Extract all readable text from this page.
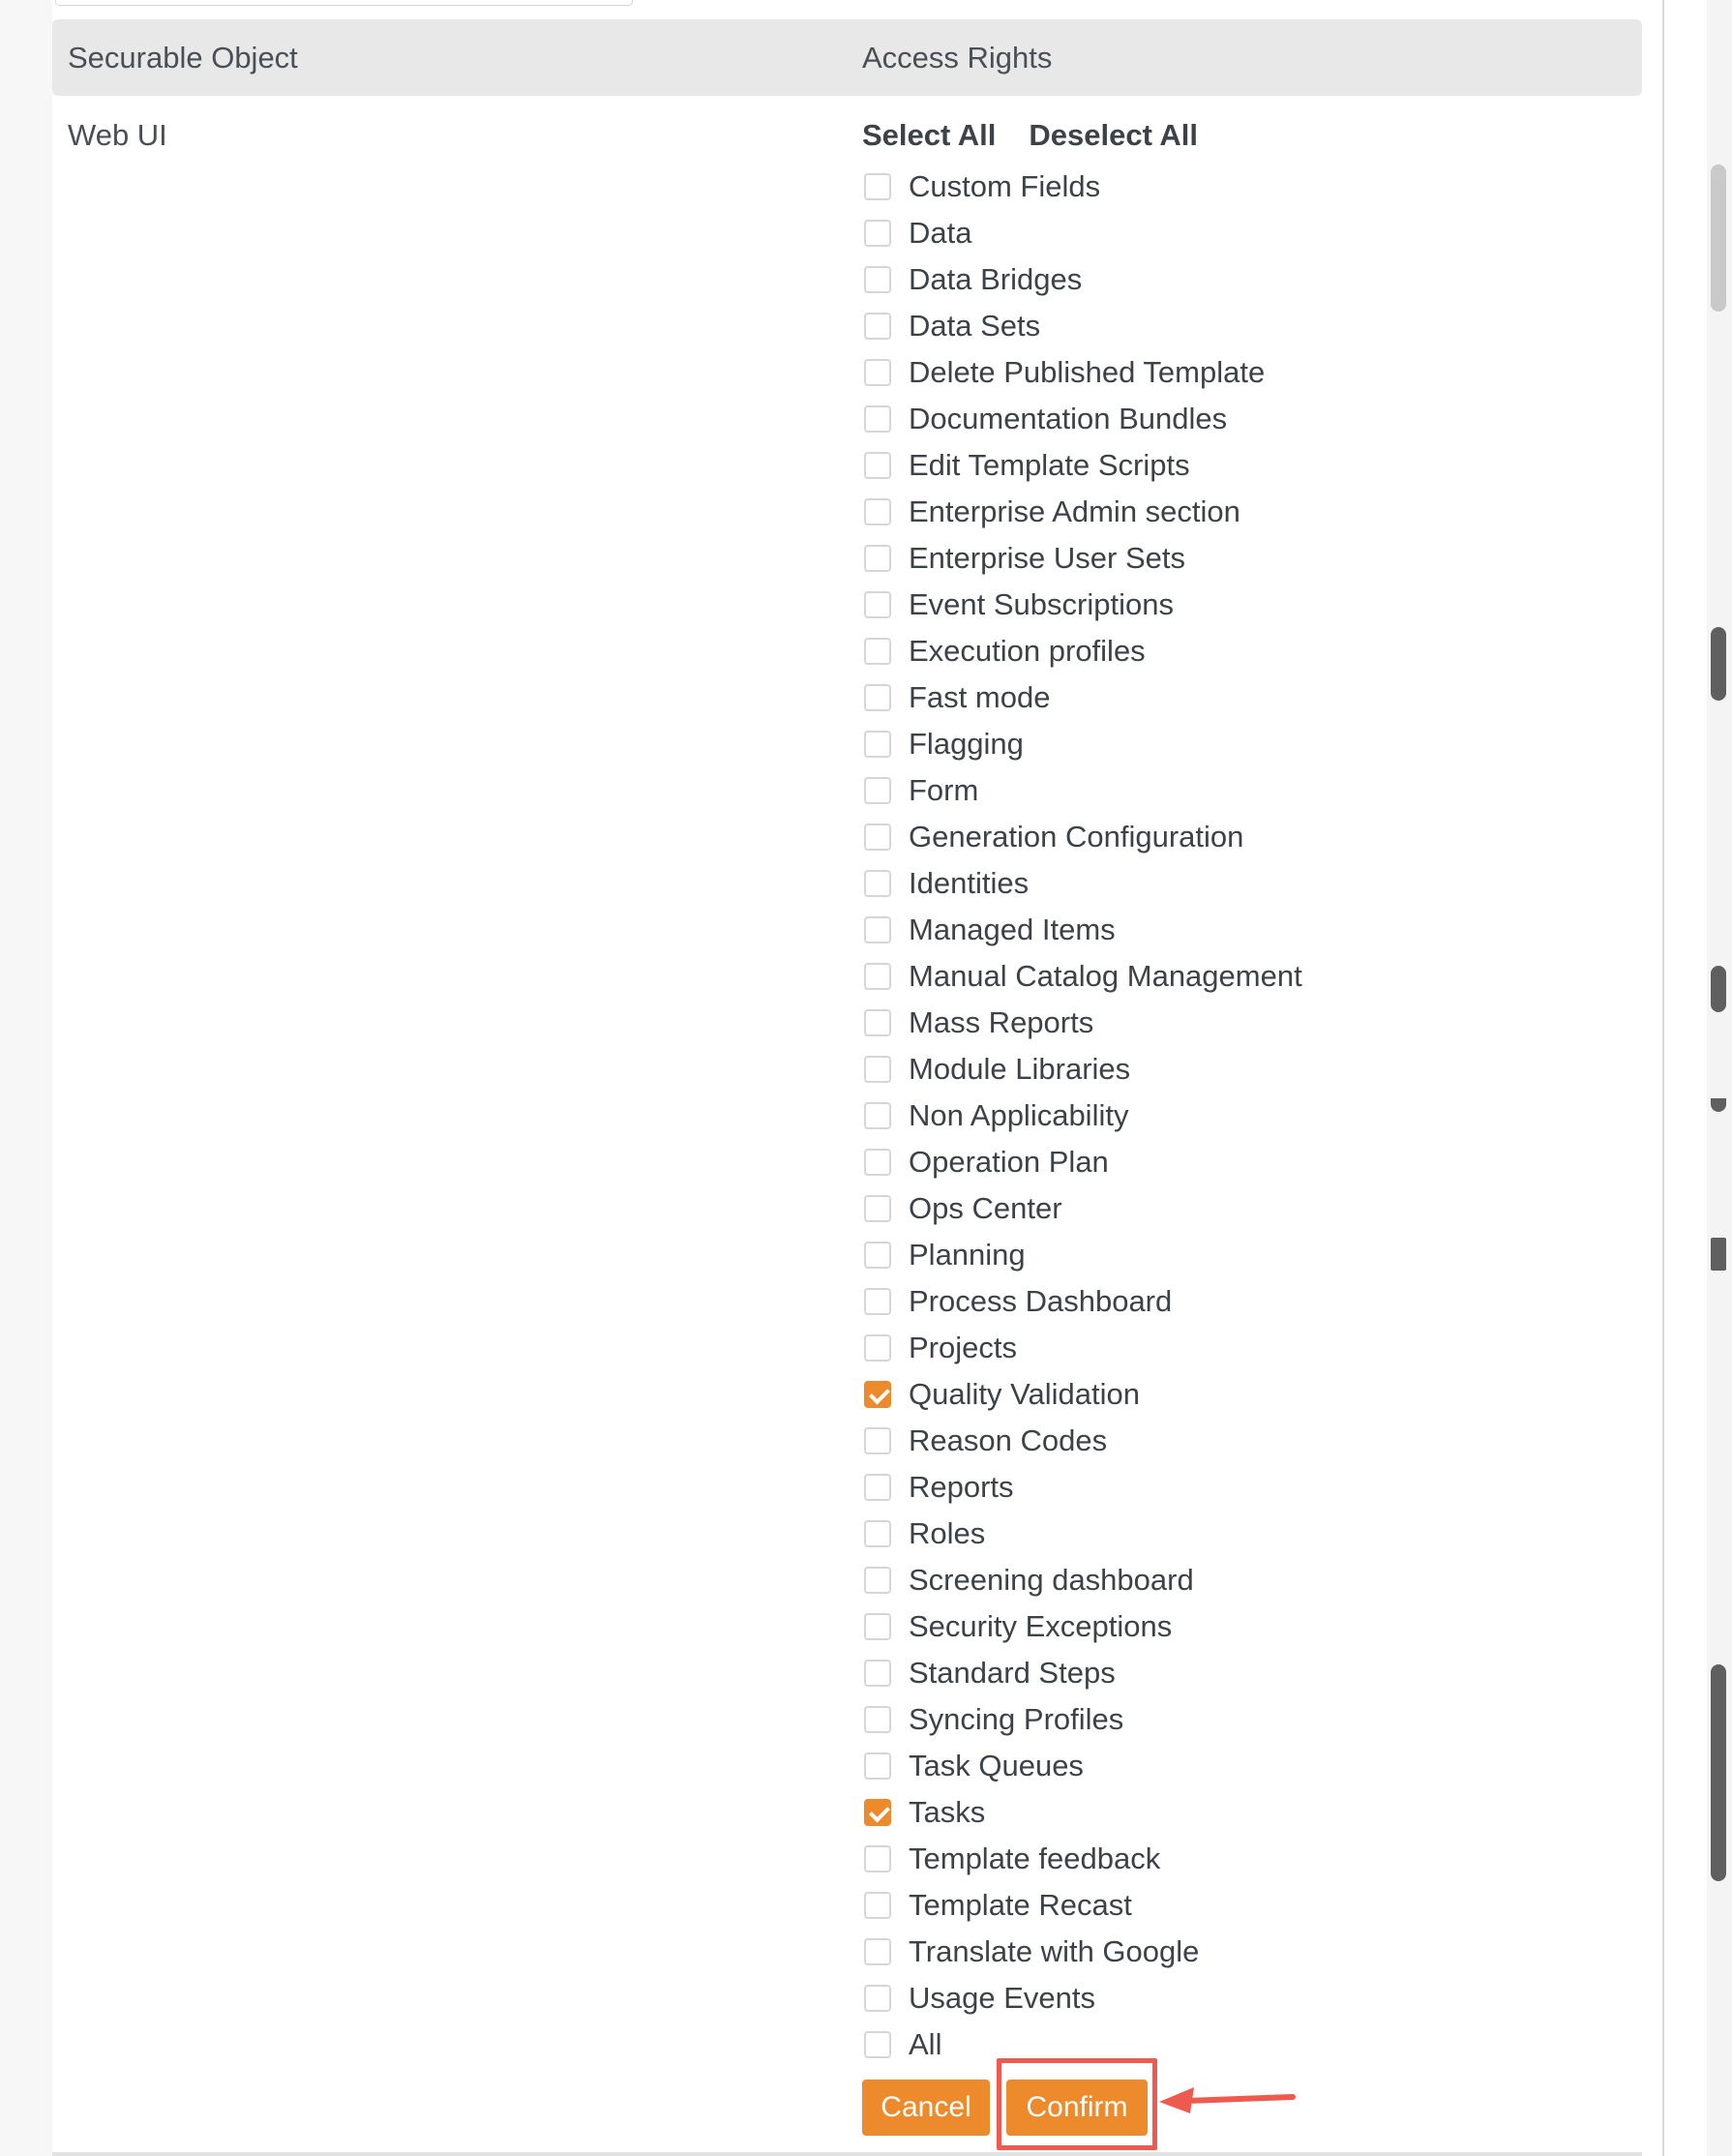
Securable Object	Access Rights
Web UI	Select All Deselect All
Custom Fields
Data
Data Bridges
Data Sets
Delete Published Template
Documentation Bundles
Edit Template Scripts
Enterprise Admin section
Enterprise User Sets
Event Subscriptions
Execution profiles
Fast mode
Flagging
Form
Generation Configuration
Identities
Managed Items
Manual Catalog Management
Mass Reports
Module Libraries
Non Applicability
Operation Plan
Ops Center
Planning
Process Dashboard
Projects
Quality Validation
Reason Codes
Reports
Roles
Screening dashboard
Security Exceptions
Standard Steps
Syncing Profiles
Task Queues
Tasks
Template feedback
Template Recast
Translate with Google
Usage Events
All
Cancel	Confirm
